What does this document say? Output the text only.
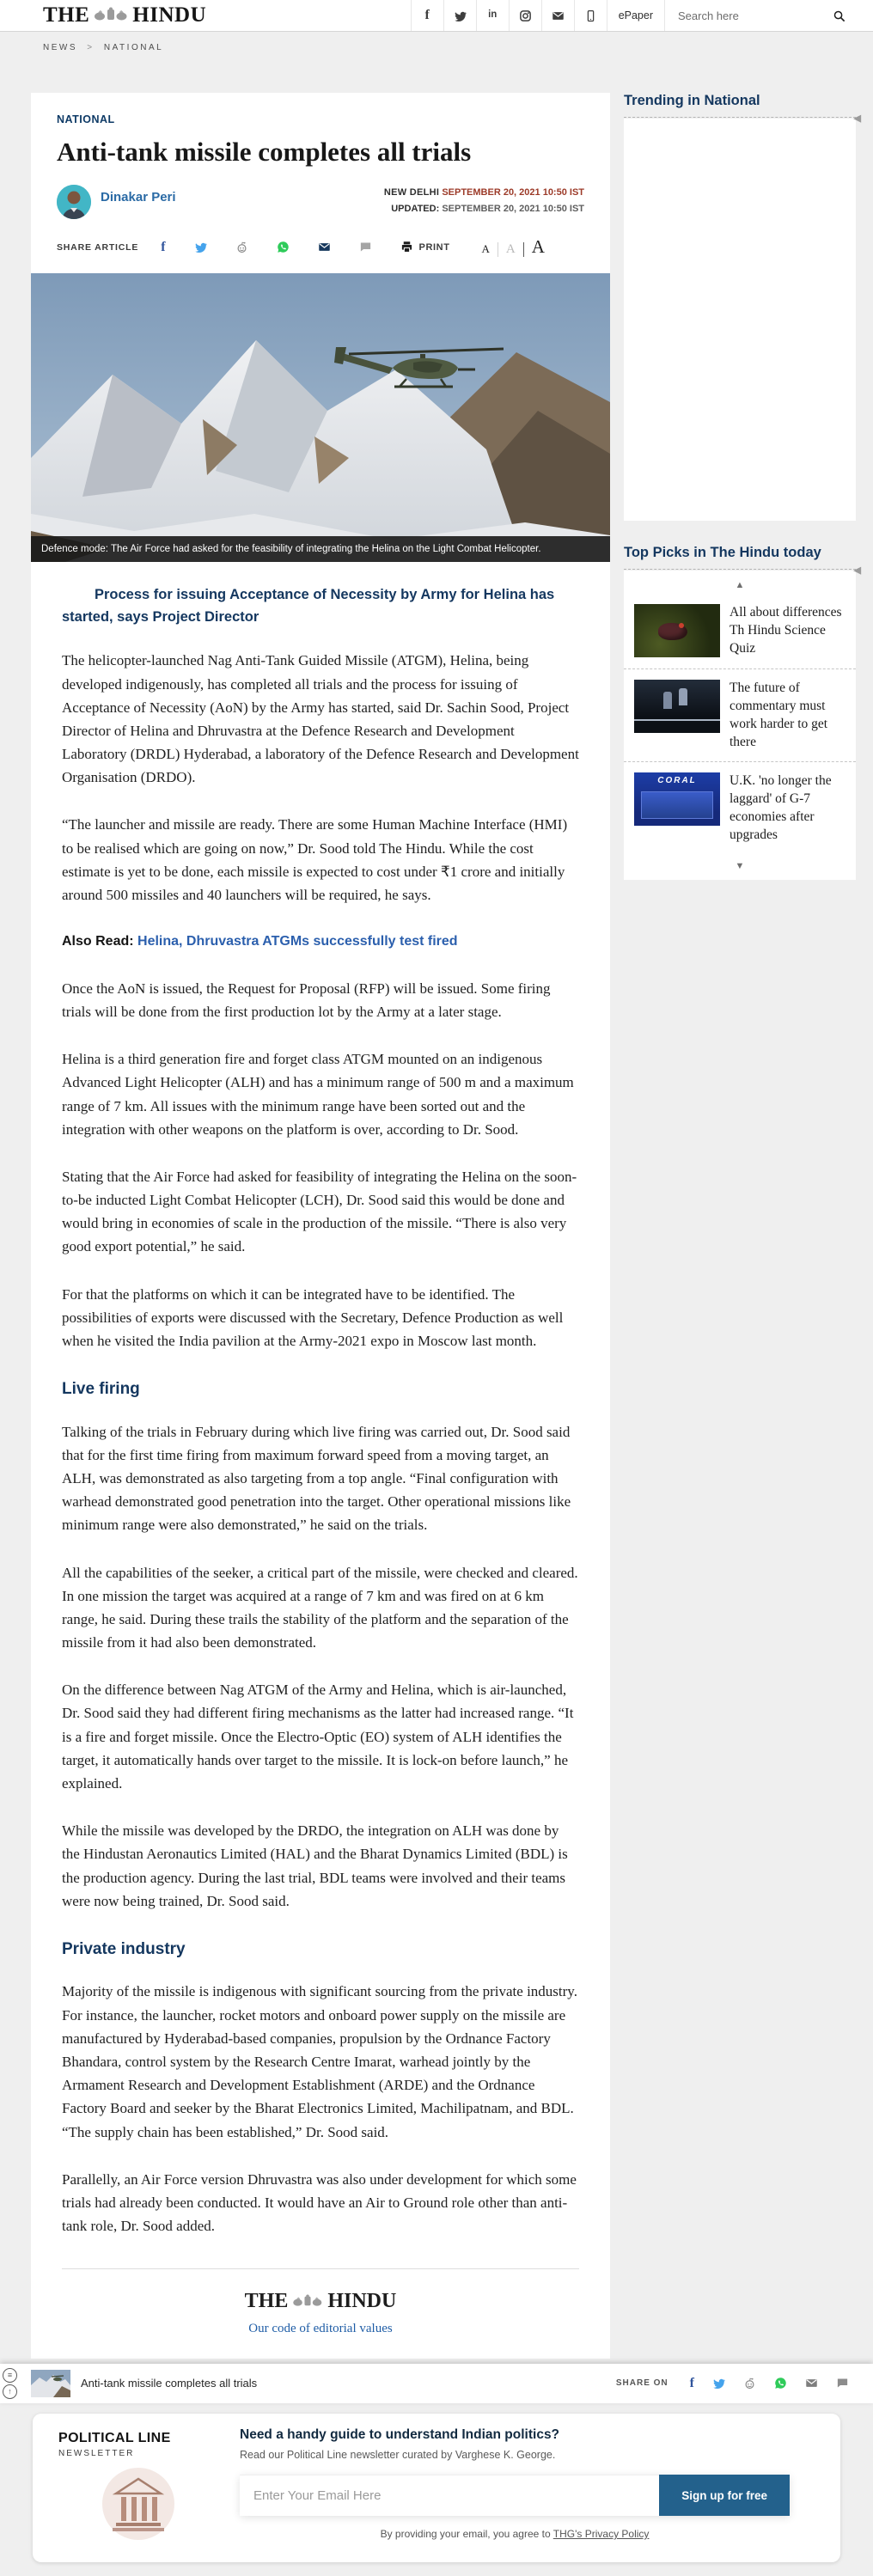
THE HINDU	f	in	ePaper
Search here
NEWS > NATIONAL
NATIONAL
Anti-tank missile completes all trials
Dinakar Peri	NEW DELHI SEPTEMBER 20, 2021 10:50 IST
UPDATED: SEPTEMBER 20, 2021 10:50 IST
SHARE ARTICLE f	PRINT	A	A A
Defence mode: The Air Force had asked for the feasibility of integrating the Helina on the Light Combat Helicopter.

Process for issuing Acceptance of Necessity by Army for Helina has started, says Project Director

The helicopter-launched Nag Anti-Tank Guided Missile (ATGM), Helina, being developed indigenously, has completed all trials and the process for issuing of Acceptance of Necessity (AoN) by the Army has started, said Dr. Sachin Sood, Project Director of Helina and Dhruvastra at the Defence Research and Development Laboratory (DRDL) Hyderabad, a laboratory of the Defence Research and Development Organisation (DRDO).

“The launcher and missile are ready. There are some Human Machine Interface (HMI) to be realised which are going on now,” Dr. Sood told The Hindu. While the cost estimate is yet to be done, each missile is expected to cost under ₹1 crore and initially around 500 missiles and 40 launchers will be required, he says.

Also Read: Helina, Dhruvastra ATGMs successfully test fired

Once the AoN is issued, the Request for Proposal (RFP) will be issued. Some firing trials will be done from the first production lot by the Army at a later stage.

Helina is a third generation fire and forget class ATGM mounted on an indigenous Advanced Light Helicopter (ALH) and has a minimum range of 500 m and a maximum range of 7 km. All issues with the minimum range have been sorted out and the integration with other weapons on the platform is over, according to Dr. Sood.

Stating that the Air Force had asked for feasibility of integrating the Helina on the soon-to-be inducted Light Combat Helicopter (LCH), Dr. Sood said this would be done and would bring in economies of scale in the production of the missile. “There is also very good export potential,” he said.

For that the platforms on which it can be integrated have to be identified. The possibilities of exports were discussed with the Secretary, Defence Production as well when he visited the India pavilion at the Army-2021 expo in Moscow last month.

Live firing

Talking of the trials in February during which live firing was carried out, Dr. Sood said that for the first time firing from maximum forward speed from a moving target, an ALH, was demonstrated as also targeting from a top angle. “Final configuration with warhead demonstrated good penetration into the target. Other operational missions like minimum range were also demonstrated,” he said on the trials.

All the capabilities of the seeker, a critical part of the missile, were checked and cleared. In one mission the target was acquired at a range of 7 km and was fired on at 6 km range, he said. During these trails the stability of the platform and the separation of the missile from it had also been demonstrated.

On the difference between Nag ATGM of the Army and Helina, which is air-launched, Dr. Sood said they had different firing mechanisms as the latter had increased range. “It is a fire and forget missile. Once the Electro-Optic (EO) system of ALH identifies the target, it automatically hands over target to the missile. It is lock-on before launch,” he explained.

While the missile was developed by the DRDO, the integration on ALH was done by the Hindustan Aeronautics Limited (HAL) and the Bharat Dynamics Limited (BDL) is the production agency. During the last trial, BDL teams were involved and their teams were now being trained, Dr. Sood said.

Private industry

Majority of the missile is indigenous with significant sourcing from the private industry. For instance, the launcher, rocket motors and onboard power supply on the missile are manufactured by Hyderabad-based companies, propulsion by the Ordnance Factory Bhandara, control system by the Research Centre Imarat, warhead jointly by the Armament Research and Development Establishment (ARDE) and the Ordnance Factory Board and seeker by the Bharat Electronics Limited, Machilipatnam, and BDL. “The supply chain has been established,” Dr. Sood said.

Parallelly, an Air Force version Dhruvastra was also under development for which some trials had already been conducted. It would have an Air to Ground role other than anti-tank role, Dr. Sood added.

THE HINDU
Our code of editorial values
Trending in National
◀
Top Picks in The Hindu today
◀
▲
All about differences Th Hindu Science Quiz
The future of commentary must work harder to get there
CORAL	U.K. 'no longer the laggard' of G-7 economies after upgrades
▼
≡
↑
Anti-tank missile completes all trials	SHARE ON f
POLITICAL LINE
NEWSLETTER
Need a handy guide to understand Indian politics?
Read our Political Line newsletter curated by Varghese K. George.
Enter Your Email Here
Sign up for free
By providing your email, you agree to THG's Privacy Policy
